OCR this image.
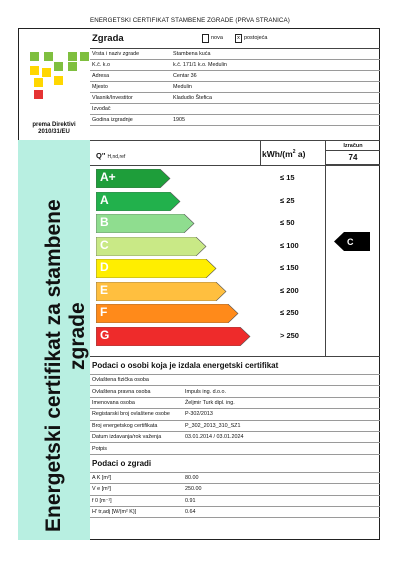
ENERGETSKI CERTIFIKAT STAMBENE ZGRADE (PRVA STRANICA)
prema Direktivi 2010/31/EU
Energetski certifikat za stambene zgrade
Zgrada	nova	x postojeća
Vrsta i naziv zgrade	Stambena kuća
K.č. k.o	k.č. 171/1 k.o. Medulin
Adresa	Centar 36
Mjesto	Medulin
Vlasnik/Investitor	Kladudio Štefica
Izvođač
Godina izgradnje	1905
Q'' H,nd,ref	kWh/($m^2$ a)
Izračun
74
A+	≤ 15
A	≤ 25
B	≤ 50
C	≤ 100
D	≤ 150
E	≤ 200
F	≤ 250
G	> 250
C
Podaci o osobi koja je izdala energetski certifikat
Ovlaštena fizička osoba
Ovlaštena pravna osoba	Impuls ing. d.o.o.
Imenovana osoba	Željmir Turk dipl. ing.
Registarski broj ovlaštene osobe	P-302/2013
Broj energetskog certifikata	P_302_2013_310_SZ1
Datum izdavanja/rok važenja	03.01.2014 / 03.01.2024
Potpis
Podaci o zgradi
A K [m²]	80.00
V e [m³]	250.00
f 0 [m⁻¹]	0.91
H' tr,adj [W/(m² K)]	0.64
